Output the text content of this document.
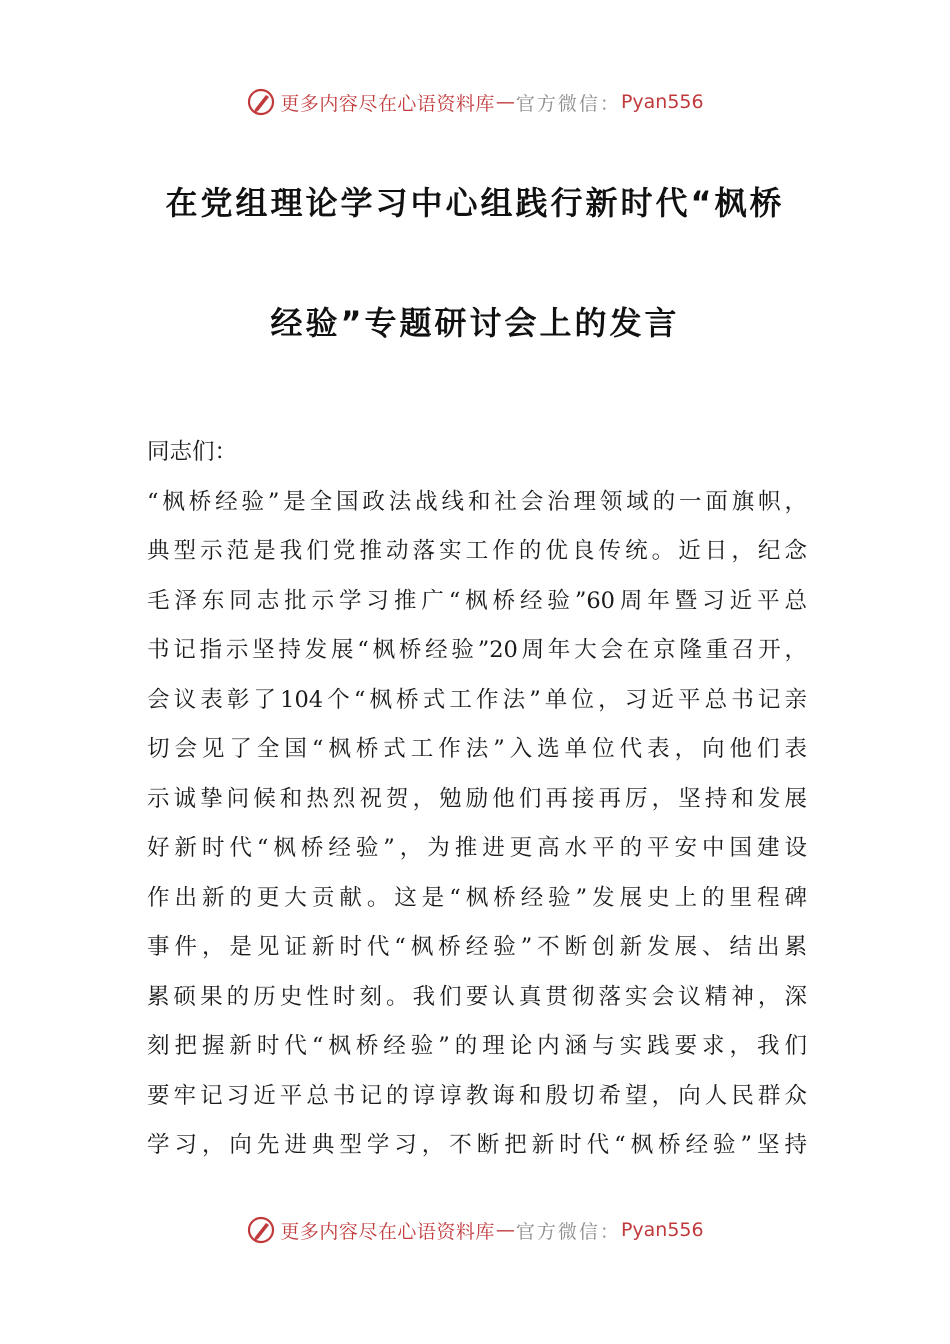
更多内容尽在心语资料库 — 官方微信： Pyan556
在党组理论学习中心组践行新时代“枫桥
经验”专题研讨会上的发言
同志们：
“枫桥经验”是全国政法战线和社会治理领域的一面旗帜，
典型示范是我们党推动落实工作的优良传统。近日，纪念
毛泽东同志批示学习推广“枫桥经验”60周年暨习近平总
书记指示坚持发展“枫桥经验”20周年大会在京隆重召开，
会议表彰了104个“枫桥式工作法”单位，习近平总书记亲
切会见了全国“枫桥式工作法”入选单位代表，向他们表
示诚挚问候和热烈祝贺，勉励他们再接再厉，坚持和发展
好新时代“枫桥经验”，为推进更高水平的平安中国建设
作出新的更大贡献。这是“枫桥经验”发展史上的里程碑
事件，是见证新时代“枫桥经验”不断创新发展、结出累
累硕果的历史性时刻。我们要认真贯彻落实会议精神，深
刻把握新时代“枫桥经验”的理论内涵与实践要求，我们
要牢记习近平总书记的谆谆教诲和殷切希望，向人民群众
学习，向先进典型学习，不断把新时代“枫桥经验”坚持
更多内容尽在心语资料库 — 官方微信： Pyan556
